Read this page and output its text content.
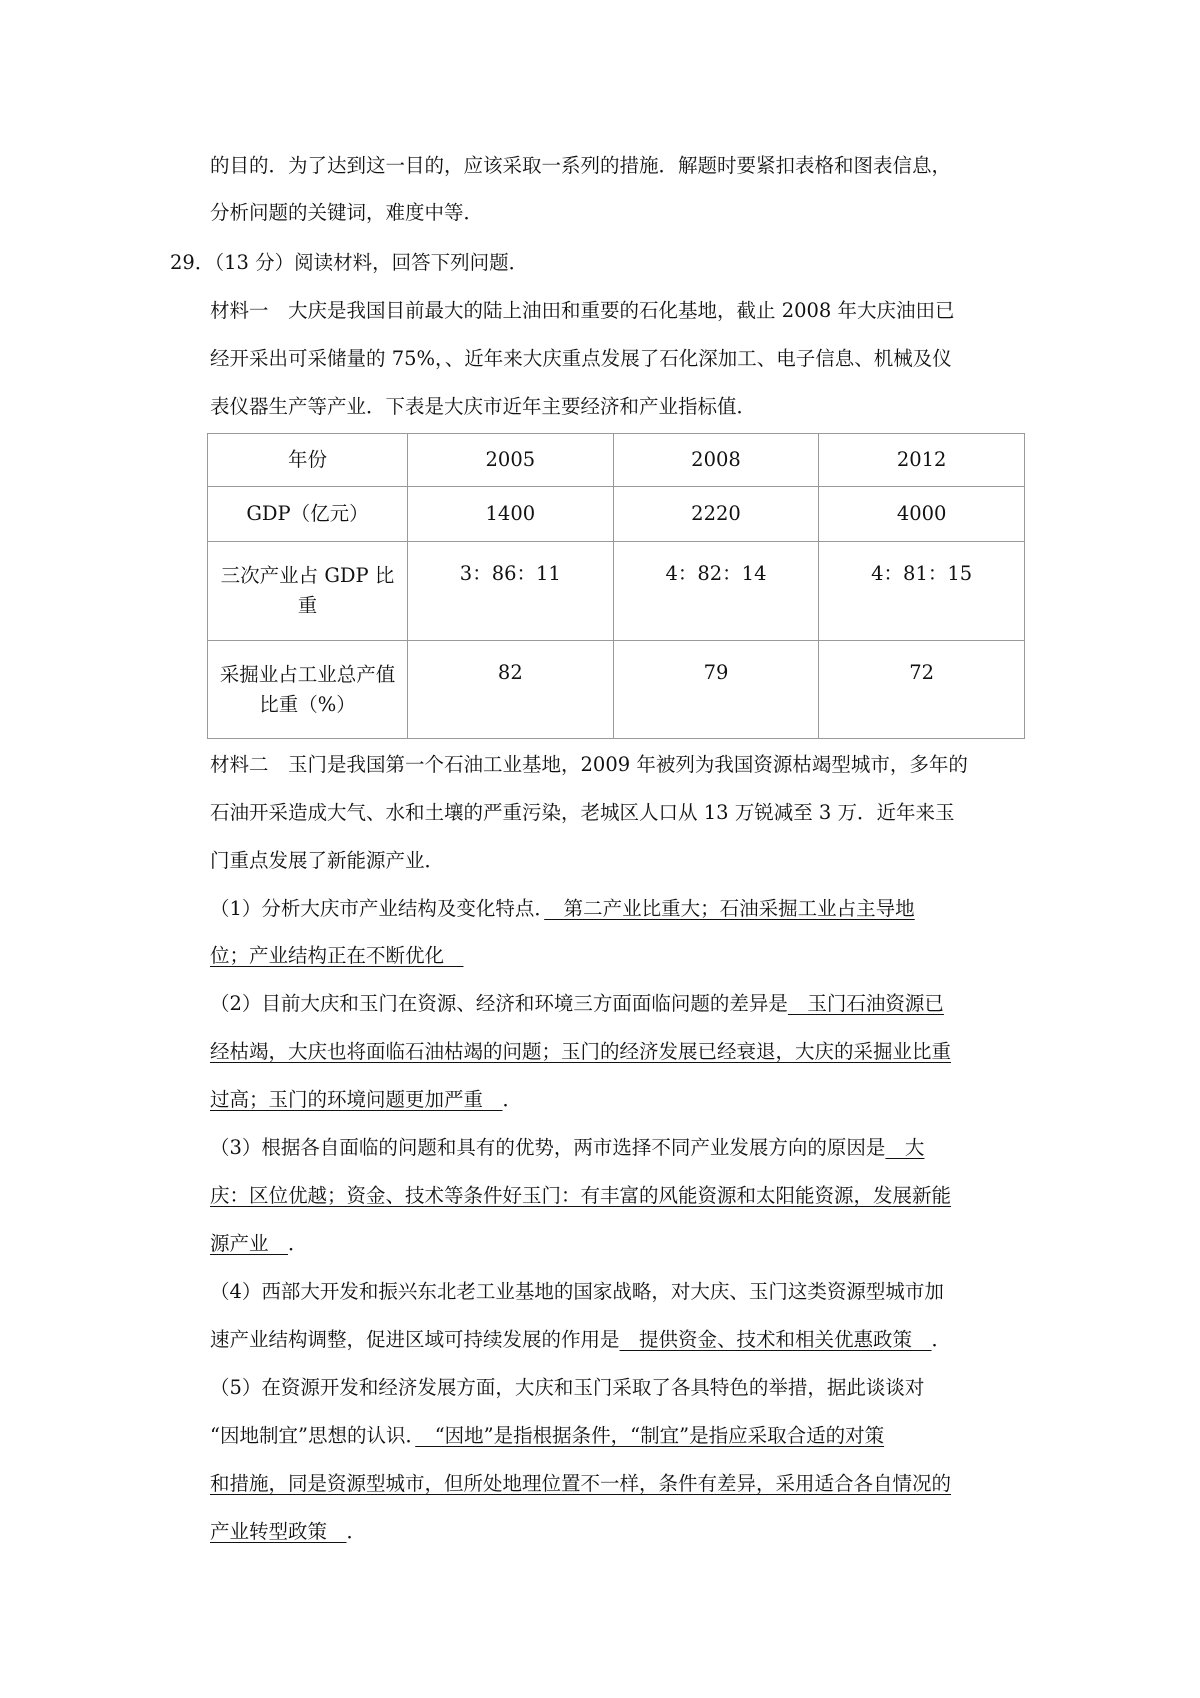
的目的．为了达到这一目的，应该采取一系列的措施．解题时要紧扣表格和图表信息，
分析问题的关键词，难度中等．
29．（13 分）阅读材料，回答下列问题．
材料一　大庆是我国目前最大的陆上油田和重要的石化基地，截止 2008 年大庆油田已
经开采出可采储量的 75%，、近年来大庆重点发展了石化深加工、电子信息、机械及仪
表仪器生产等产业．下表是大庆市近年主要经济和产业指标值．
年份	2005	2008	2012
GDP（亿元）	1400	2220	4000
三次产业占 GDP 比重	3：86：11	4：82：14	4：81：15
采掘业占工业总产值比重（%）	82	79	72
材料二　玉门是我国第一个石油工业基地，2009 年被列为我国资源枯竭型城市，多年的
石油开采造成大气、水和土壤的严重污染，老城区人口从 13 万锐减至 3 万．近年来玉
门重点发展了新能源产业．
（1）分析大庆市产业结构及变化特点．　第二产业比重大；石油采掘工业占主导地
位；产业结构正在不断优化　
（2）目前大庆和玉门在资源、经济和环境三方面面临问题的差异是　玉门石油资源已
经枯竭，大庆也将面临石油枯竭的问题；玉门的经济发展已经衰退，大庆的采掘业比重
过高；玉门的环境问题更加严重　．
（3）根据各自面临的问题和具有的优势，两市选择不同产业发展方向的原因是　大
庆：区位优越；资金、技术等条件好玉门：有丰富的风能资源和太阳能资源，发展新能
源产业　．
（4）西部大开发和振兴东北老工业基地的国家战略，对大庆、玉门这类资源型城市加
速产业结构调整，促进区域可持续发展的作用是　提供资金、技术和相关优惠政策　．
（5）在资源开发和经济发展方面，大庆和玉门采取了各具特色的举措，据此谈谈对
“因地制宜”思想的认识．　“因地”是指根据条件，“制宜”是指应采取合适的对策
和措施，同是资源型城市，但所处地理位置不一样，条件有差异，采用适合各自情况的
产业转型政策　．
